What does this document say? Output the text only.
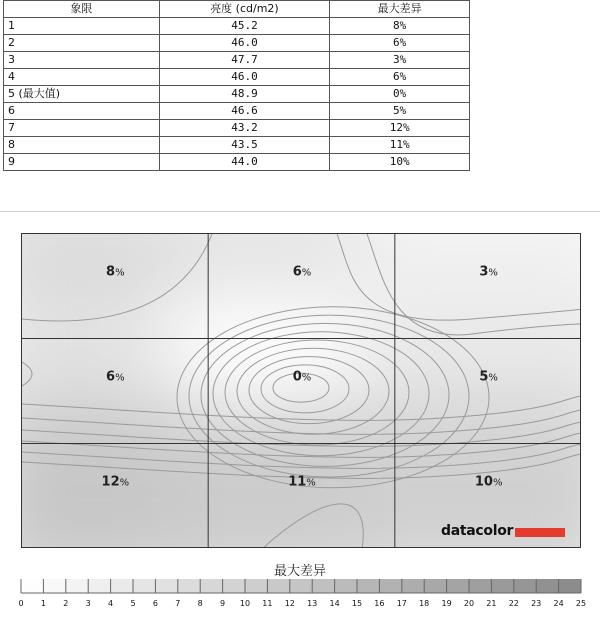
象限	亮度 (cd/m2)	最大差异
1	45.2	8%
2	46.0	6%
3	47.7	3%
4	46.0	6%
5 (最大值)	48.9	0%
6	46.6	5%
7	43.2	12%
8	43.5	11%
9	44.0	10%
8%	6%	3%
6%	0%	5%
12%	11%	10%
datacolor
最大差异
0 1 2 3 4 5 6 7 8 9 10 11 12 13 14 15 16 17 18 19 20 21 22 23 24 25
